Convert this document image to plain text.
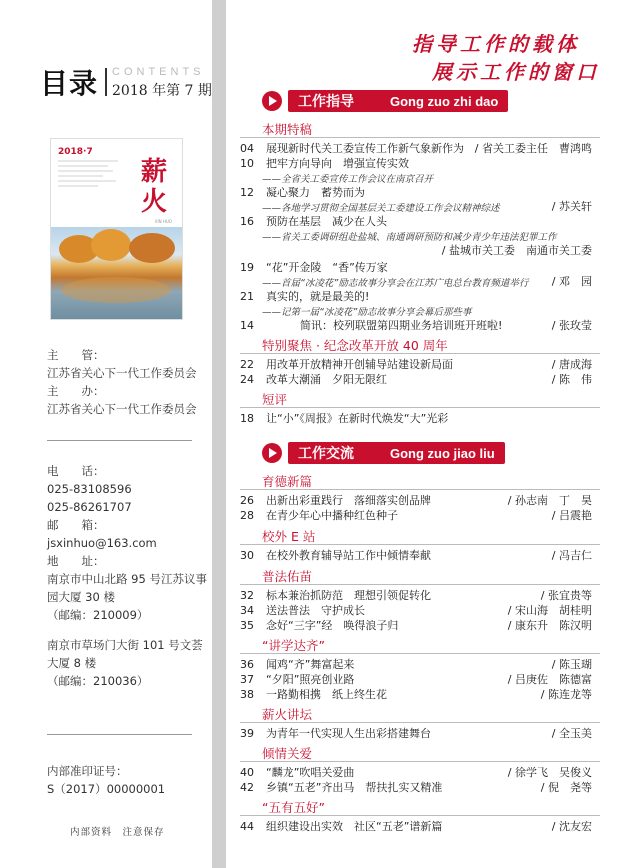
目录 CONTENTS
2018 年第 7 期
2018·7
薪火
XIN HUO
主　　管：
江苏省关心下一代工作委员会
主　　办：
江苏省关心下一代工作委员会
电　　话：
025-83108596
025-86261707
邮　　箱：
jsxinhuo@163.com
地　　址：
南京市中山北路 95 号江苏议事
园大厦 30 楼
（邮编：210009）
南京市草场门大街 101 号文荟
大厦 8 楼
（邮编：210036）
内部准印证号：
S（2017）00000001
内部资料　注意保存
指导工作的载体
展示工作的窗口
工作指导	Gong zuo zhi dao
本期特稿
04	展现新时代关工委宣传工作新气象新作为 / 省关工委主任　曹鸿鸣
10	把牢方向导向　增强宣传实效
——全省关工委宣传工作会议在南京召开
12	凝心聚力　蓄势而为
——各地学习贯彻全国基层关工委建设工作会议精神综述	/ 苏关轩
16	预防在基层　减少在人头
——省关工委调研组赴盐城、南通调研预防和减少青少年违法犯罪工作
/ 盐城市关工委　南通市关工委
19	“花”开金陵　“香”传万家
——首届“冰凌花”励志故事分享会在江苏广电总台教育频道举行 / 邓　园
21	真实的，就是最美的!
——记第一届“冰凌花”励志故事分享会幕后那些事
14	简讯：校列联盟第四期业务培训班开班啦!	/ 张玫莹
特别聚焦 · 纪念改革开放 40 周年
22	用改革开放精神开创辅导站建设新局面	/ 唐成海
24	改革大潮涌　夕阳无限红	/ 陈　伟
短评
18	让“小”《周报》在新时代焕发“大”光彩
工作交流	Gong zuo jiao liu
育德新篇
26	出新出彩重践行　落细落实创品牌	/ 孙志南　丁　昊
28	在青少年心中播种红色种子	/ 吕震艳
校外 E 站
30	在校外教育辅导站工作中倾情奉献	/ 冯吉仁
普法佑苗
32	标本兼治抓防范　理想引领促转化	/ 张宜贵等
34	送法普法　守护成长	/ 宋山海　胡桂明
35	念好“三字”经　唤得浪子归	/ 康东升　陈汉明
“讲学达齐”
36	闻鸡“齐”舞富起来	/ 陈玉瑚
37	“夕阳”照亮创业路	/ 吕庚佐　陈德富
38	一路勤相携　纸上终生花	/ 陈连龙等
薪火讲坛
39	为青年一代实现人生出彩搭建舞台	/ 全玉美
倾情关爱
40	“麟龙”吹唱关爱曲	/ 徐学飞　吴俊义
42	乡镇“五老”齐出马　帮扶扎实又精准	/ 倪　尧等
“五有五好”
44	组织建设出实效　社区“五老”谱新篇	/ 沈友宏
